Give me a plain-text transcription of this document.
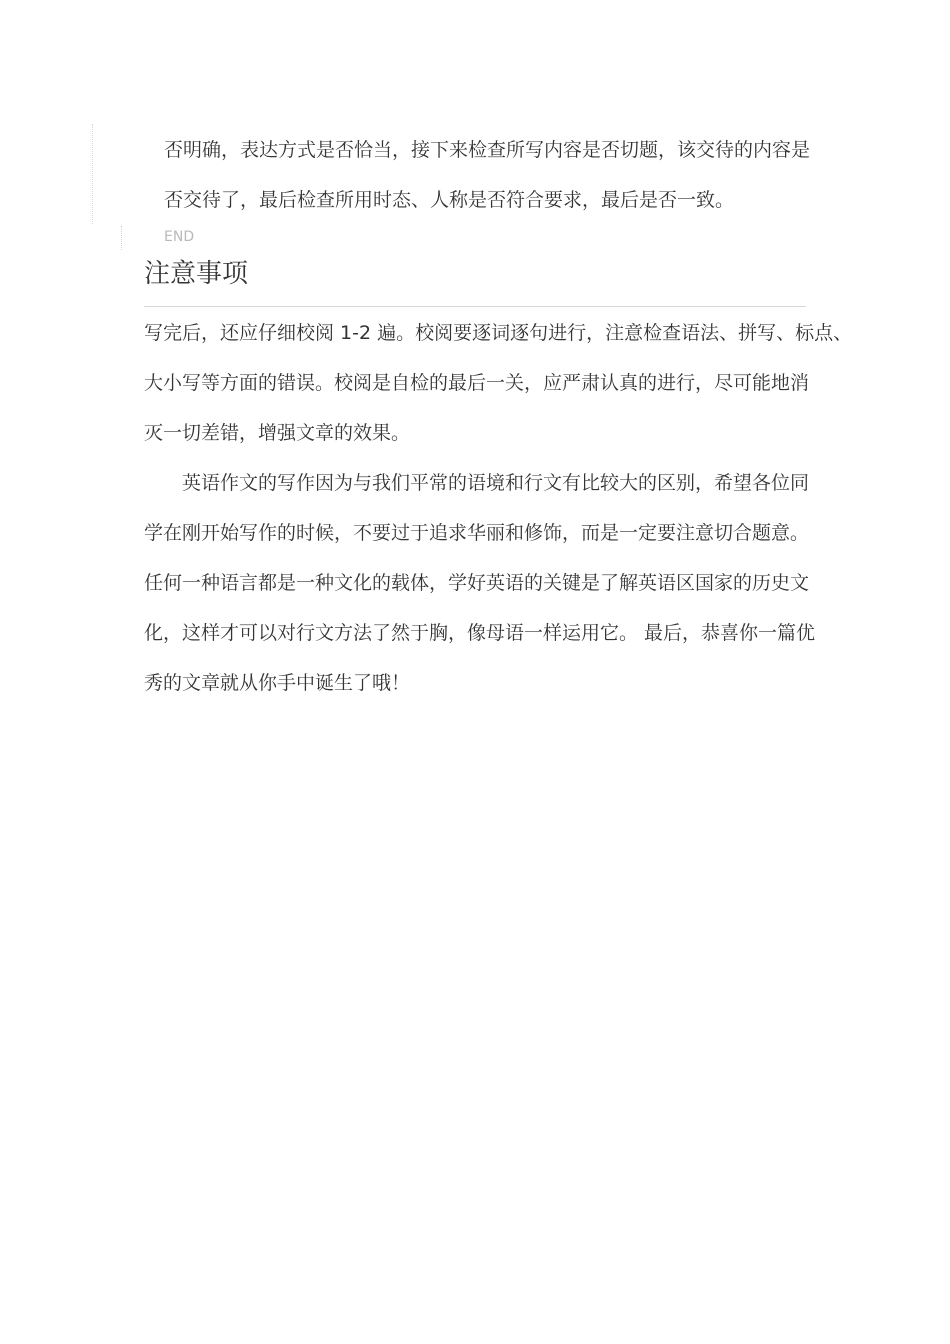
否明确，表达方式是否恰当，接下来检查所写内容是否切题，该交待的内容是
否交待了，最后检查所用时态、人称是否符合要求，最后是否一致。
END
注意事项
写完后，还应仔细校阅 1-2 遍。校阅要逐词逐句进行，注意检查语法、拼写、标点、
大小写等方面的错误。校阅是自检的最后一关，应严肃认真的进行，尽可能地消
灭一切差错，增强文章的效果。
英语作文的写作因为与我们平常的语境和行文有比较大的区别，希望各位同
学在刚开始写作的时候，不要过于追求华丽和修饰，而是一定要注意切合题意。
任何一种语言都是一种文化的载体，学好英语的关键是了解英语区国家的历史文
化，这样才可以对行文方法了然于胸，像母语一样运用它。 最后，恭喜你一篇优
秀的文章就从你手中诞生了哦！
